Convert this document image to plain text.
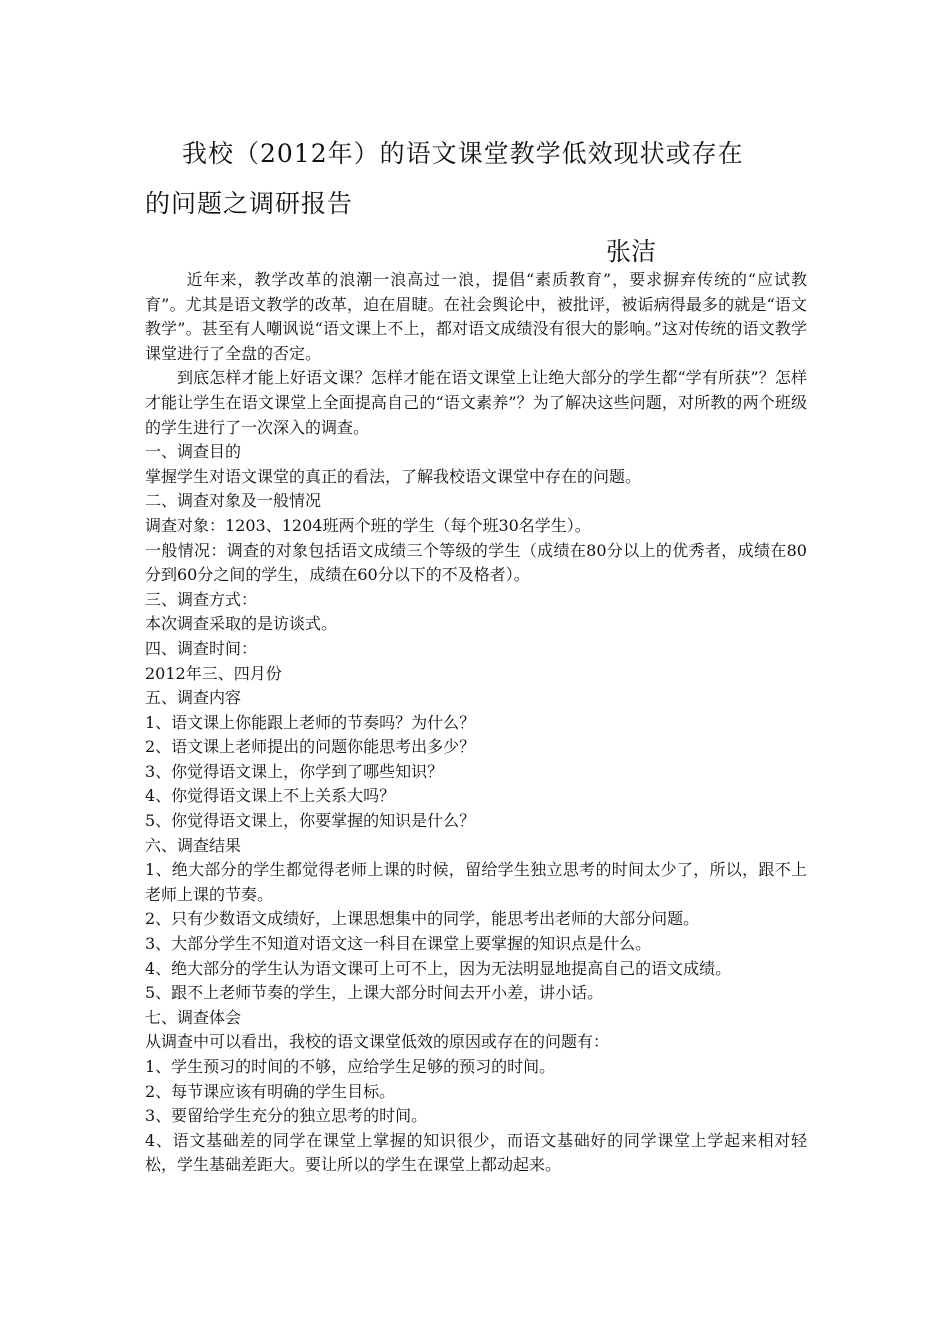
我校（2012年）的语文课堂教学低效现状或存在
的问题之调研报告
张洁

近年来，教学改革的浪潮一浪高过一浪，提倡“素质教育”，要求摒弃传统的“应试教育”。尤其是语文教学的改革，迫在眉睫。在社会舆论中，被批评，被诟病得最多的就是“语文教学”。甚至有人嘲讽说“语文课上不上，都对语文成绩没有很大的影响。”这对传统的语文教学课堂进行了全盘的否定。

到底怎样才能上好语文课？怎样才能在语文课堂上让绝大部分的学生都“学有所获”？怎样才能让学生在语文课堂上全面提高自己的“语文素养”？为了解决这些问题，对所教的两个班级的学生进行了一次深入的调查。

一、调查目的

掌握学生对语文课堂的真正的看法，了解我校语文课堂中存在的问题。

二、调查对象及一般情况

调查对象：1203、1204班两个班的学生（每个班30名学生）。

一般情况：调查的对象包括语文成绩三个等级的学生（成绩在80分以上的优秀者，成绩在80分到60分之间的学生，成绩在60分以下的不及格者）。

三、调查方式：

本次调查采取的是访谈式。

四、调查时间：

2012年三、四月份

五、调查内容

1、语文课上你能跟上老师的节奏吗？为什么？

2、语文课上老师提出的问题你能思考出多少？

3、你觉得语文课上，你学到了哪些知识？

4、你觉得语文课上不上关系大吗？

5、你觉得语文课上，你要掌握的知识是什么？

六、调查结果

1、绝大部分的学生都觉得老师上课的时候，留给学生独立思考的时间太少了，所以，跟不上老师上课的节奏。

2、只有少数语文成绩好，上课思想集中的同学，能思考出老师的大部分问题。

3、大部分学生不知道对语文这一科目在课堂上要掌握的知识点是什么。

4、绝大部分的学生认为语文课可上可不上，因为无法明显地提高自己的语文成绩。

5、跟不上老师节奏的学生，上课大部分时间去开小差，讲小话。

七、调查体会

从调查中可以看出，我校的语文课堂低效的原因或存在的问题有：

1、学生预习的时间的不够，应给学生足够的预习的时间。

2、每节课应该有明确的学生目标。

3、要留给学生充分的独立思考的时间。

4、语文基础差的同学在课堂上掌握的知识很少，而语文基础好的同学课堂上学起来相对轻松，学生基础差距大。要让所以的学生在课堂上都动起来。
